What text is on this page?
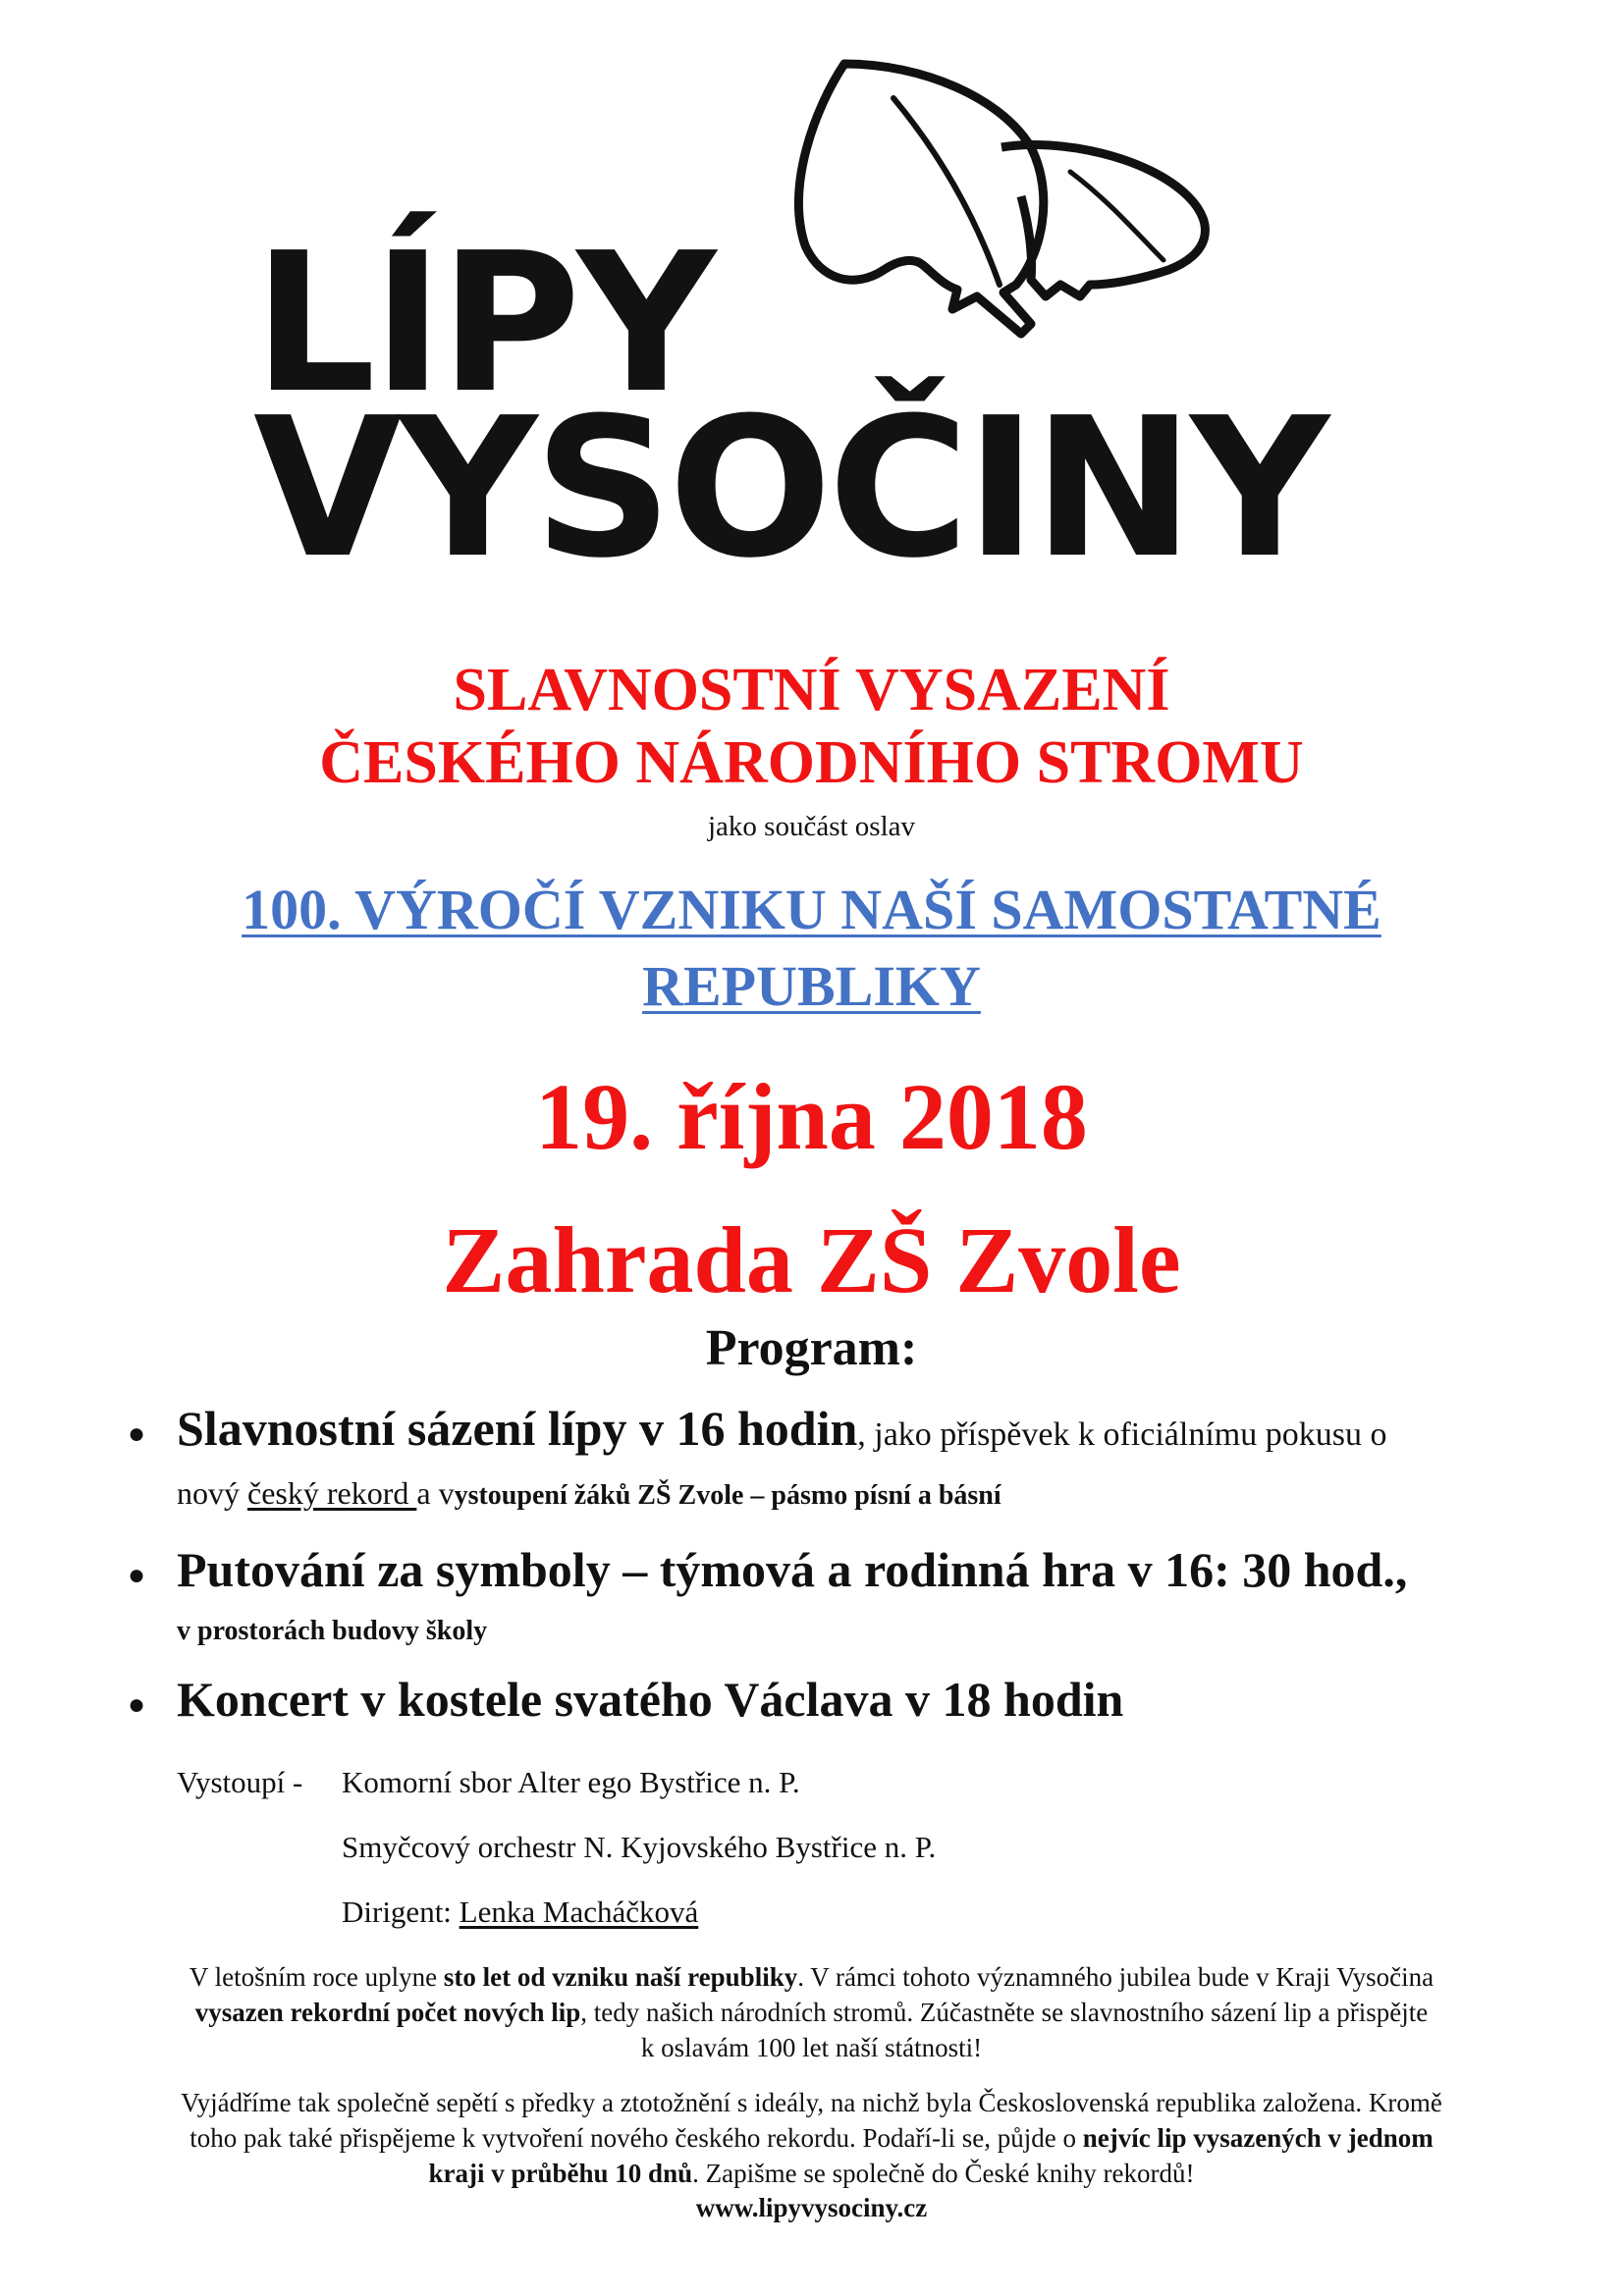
LÍPY
VYSOČINY
SLAVNOSTNÍ VYSAZENÍ
ČESKÉHO NÁRODNÍHO STROMU
jako součást oslav
100. VÝROČÍ VZNIKU NAŠÍ SAMOSTATNÉ
REPUBLIKY
19. října 2018
Zahrada ZŠ Zvole
Program:
● Slavnostní sázení lípy v 16 hodin, jako příspěvek k oficiálnímu pokusu o
nový český rekord a vystoupení žáků ZŠ Zvole – pásmo písní a básní
● Putování za symboly – týmová a rodinná hra v 16: 30 hod.,
v prostorách budovy školy
● Koncert v kostele svatého Václava v 18 hodin
Vystoupí - Komorní sbor Alter ego Bystřice n. P.
Smyčcový orchestr N. Kyjovského Bystřice n. P.
Dirigent: Lenka Macháčková
V letošním roce uplyne sto let od vzniku naší republiky. V rámci tohoto významného jubilea bude v Kraji Vysočina
vysazen rekordní počet nových lip, tedy našich národních stromů. Zúčastněte se slavnostního sázení lip a přispějte
k oslavám 100 let naší státnosti!
Vyjádříme tak společně sepětí s předky a ztotožnění s ideály, na nichž byla Československá republika založena. Kromě
toho pak také přispějeme k vytvoření nového českého rekordu. Podaří-li se, půjde o nejvíc lip vysazených v jednom
kraji v průběhu 10 dnů. Zapišme se společně do České knihy rekordů!
www.lipyvysociny.cz
